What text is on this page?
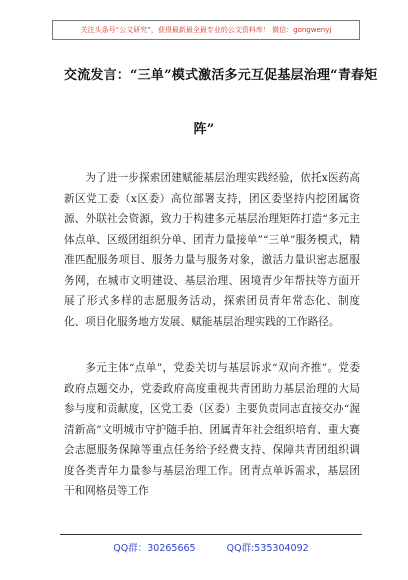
关注头条号“公文研究”，获得最新最全最专业的公文资料库！ 微信：gongwenyj
交流发言：“三单”模式激活多元互促基层治理“青春矩
阵”

为了进一步探索团建赋能基层治理实践经验，依托x医药高新区党工委（x区委）高位部署支持，团区委坚持内挖团属资源、外联社会资源，致力于构建多元基层治理矩阵打造“多元主体点单、区级团组织分单、团青力量接单”“三单”服务模式，精准匹配服务项目、服务力量与服务对象，激活力量识密志愿服务网，在城市文明建设、基层治理、困境青少年帮扶等方面开展了形式多样的志愿服务活动，探索团员青年常态化、制度化、项目化服务地方发展、赋能基层治理实践的工作路径。

多元主体“点单”，党委关切与基层诉求“双向齐推”。党委政府点题交办，党委政府高度重视共青团助力基层治理的大局参与度和贡献度，区党工委（区委）主要负责同志直接交办“渥清新高”文明城市守护随手拍、团属青年社会组织培育、重大赛会志愿服务保障等重点任务给予经费支持、保障共青团组织调度各类青年力量参与基层治理工作。团青点单诉需求，基层团干和网格员等工作

QQ群：30265665	QQ群:535304092
